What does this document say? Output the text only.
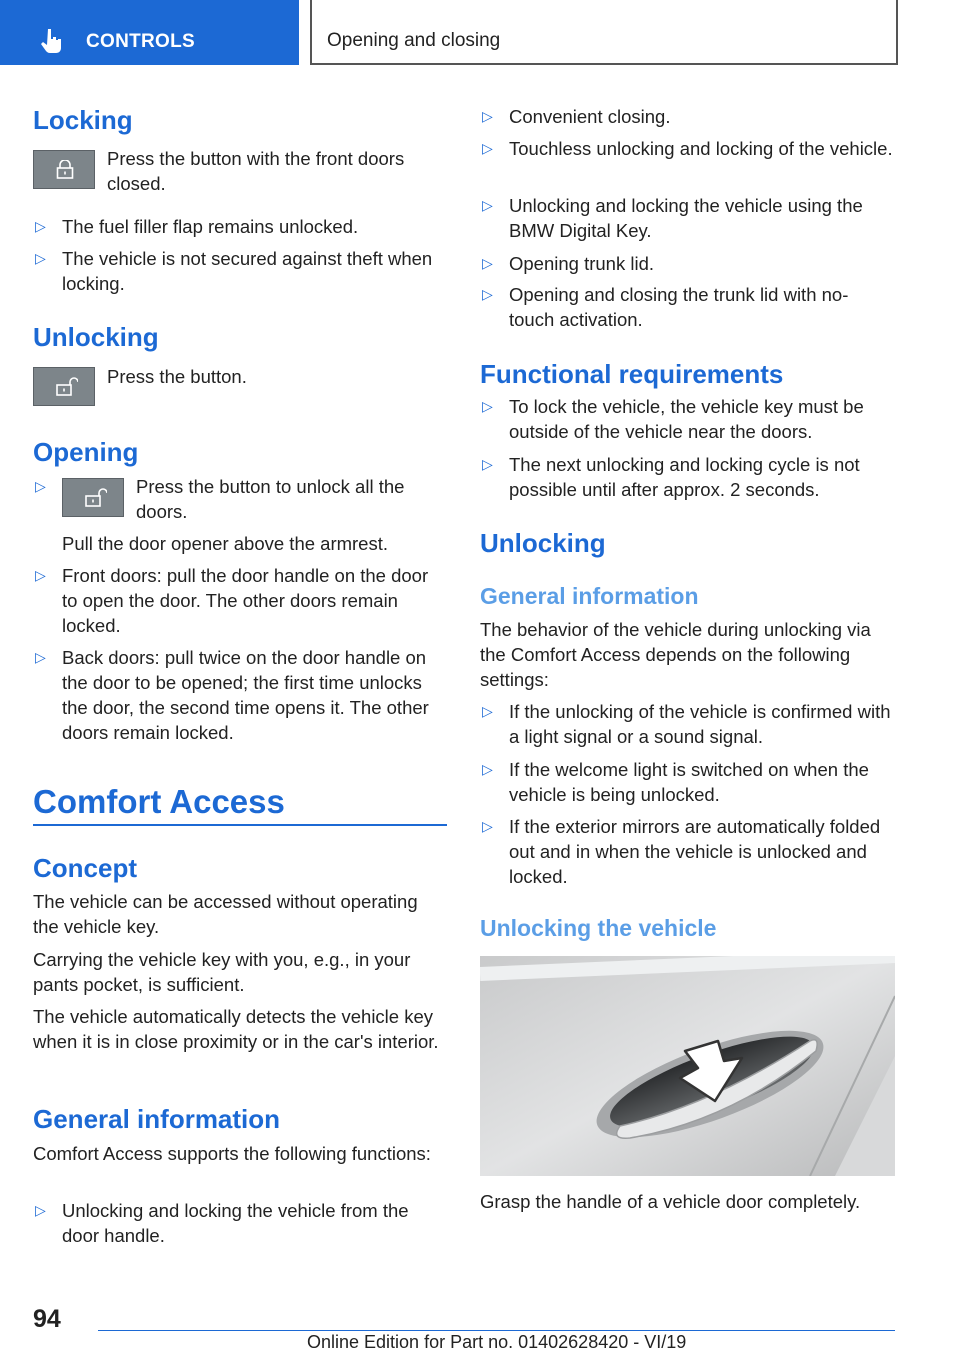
CONTROLS	Opening and closing
Locking

Press the button with the front doors closed.

▷ The fuel filler flap remains unlocked.
▷ The vehicle is not secured against theft when locking.
Unlocking

Press the button.

Opening
▷	Press the button to unlock all the doors.

Pull the door opener above the armrest.

▷ Front doors: pull the door handle on the door to open the door. The other doors remain locked.
▷ Back doors: pull twice on the door handle on the door to be opened; the first time unlocks the door, the second time opens it. The other doors remain locked.
Comfort Access
Concept

The vehicle can be accessed without operating the vehicle key.

Carrying the vehicle key with you, e.g., in your pants pocket, is sufficient.

The vehicle automatically detects the vehicle key when it is in close proximity or in the car's interior.

General information

Comfort Access supports the following functions:

▷ Unlocking and locking the vehicle from the door handle.
▷ Convenient closing.
▷ Touchless unlocking and locking of the vehicle.
▷ Unlocking and locking the vehicle using the BMW Digital Key.
▷ Opening trunk lid.
▷ Opening and closing the trunk lid with no-touch activation.
Functional requirements
▷ To lock the vehicle, the vehicle key must be outside of the vehicle near the doors.
▷ The next unlocking and locking cycle is not possible until after approx. 2 seconds.
Unlocking
General information

The behavior of the vehicle during unlocking via the Comfort Access depends on the following settings:

▷ If the unlocking of the vehicle is confirmed with a light signal or a sound signal.
▷ If the welcome light is switched on when the vehicle is being unlocked.
▷ If the exterior mirrors are automatically folded out and in when the vehicle is unlocked and locked.
Unlocking the vehicle

Grasp the handle of a vehicle door completely.

94
Online Edition for Part no. 01402628420 - VI/19
